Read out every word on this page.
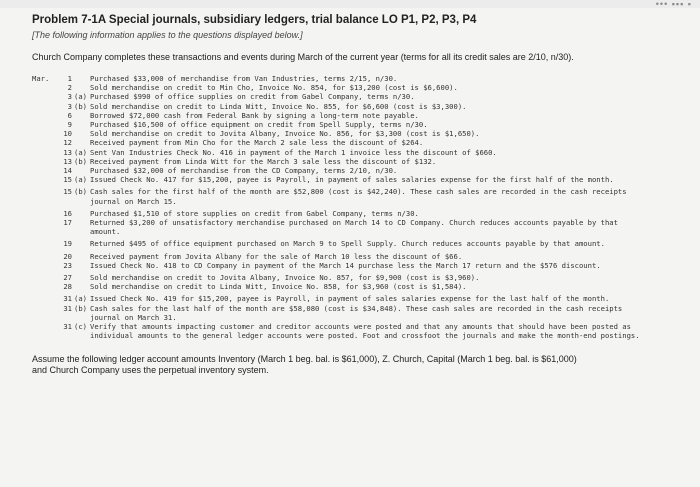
••• ▪▪▪ ▪

Problem 7-1A Special journals, subsidiary ledgers, trial balance LO P1, P2, P3, P4

[The following information applies to the questions displayed below.]
Church Company completes these transactions and events during March of the current year (terms for all its credit sales are 2/10, n/30).
Mar.	1	Purchased $33,000 of merchandise from Van Industries, terms 2/15, n/30.
2	Sold merchandise on credit to Min Cho, Invoice No. 854, for $13,200 (cost is $6,600).
3 (a) Purchased $990 of office supplies on credit from Gabel Company, terms n/30.
3 (b) Sold merchandise on credit to Linda Witt, Invoice No. 855, for $6,600 (cost is $3,300).
6	Borrowed $72,000 cash from Federal Bank by signing a long-term note payable.
9	Purchased $16,500 of office equipment on credit from Spell Supply, terms n/30.
10	Sold merchandise on credit to Jovita Albany, Invoice No. 856, for $3,300 (cost is $1,650).
12	Received payment from Min Cho for the March 2 sale less the discount of $264.
13 (a) Sent Van Industries Check No. 416 in payment of the March 1 invoice less the discount of $660.
13 (b) Received payment from Linda Witt for the March 3 sale less the discount of $132.
14	Purchased $32,000 of merchandise from the CD Company, terms 2/10, n/30.
15 (a) Issued Check No. 417 for $15,200, payee is Payroll, in payment of sales salaries expense for the first half of the month.
15 (b) Cash sales for the first half of the month are $52,800 (cost is $42,240). These cash sales are recorded in the cash receipts journal on March 15.
16	Purchased $1,510 of store supplies on credit from Gabel Company, terms n/30.
17	Returned $3,200 of unsatisfactory merchandise purchased on March 14 to CD Company. Church reduces accounts payable by that amount.
19	Returned $495 of office equipment purchased on March 9 to Spell Supply. Church reduces accounts payable by that amount.
20	Received payment from Jovita Albany for the sale of March 10 less the discount of $66.
23	Issued Check No. 418 to CD Company in payment of the March 14 purchase less the March 17 return and the $576 discount.
27	Sold merchandise on credit to Jovita Albany, Invoice No. 857, for $9,900 (cost is $3,960).
28	Sold merchandise on credit to Linda Witt, Invoice No. 858, for $3,960 (cost is $1,584).
31 (a) Issued Check No. 419 for $15,200, payee is Payroll, in payment of sales salaries expense for the last half of the month.
31 (b) Cash sales for the last half of the month are $58,080 (cost is $34,848). These cash sales are recorded in the cash receipts journal on March 31.
31 (c) Verify that amounts impacting customer and creditor accounts were posted and that any amounts that should have been posted as individual amounts to the general ledger accounts were posted. Foot and crossfoot the journals and make the month-end postings.
Assume the following ledger account amounts Inventory (March 1 beg. bal. is $61,000), Z. Church, Capital (March 1 beg. bal. is $61,000) and Church Company uses the perpetual inventory system.
